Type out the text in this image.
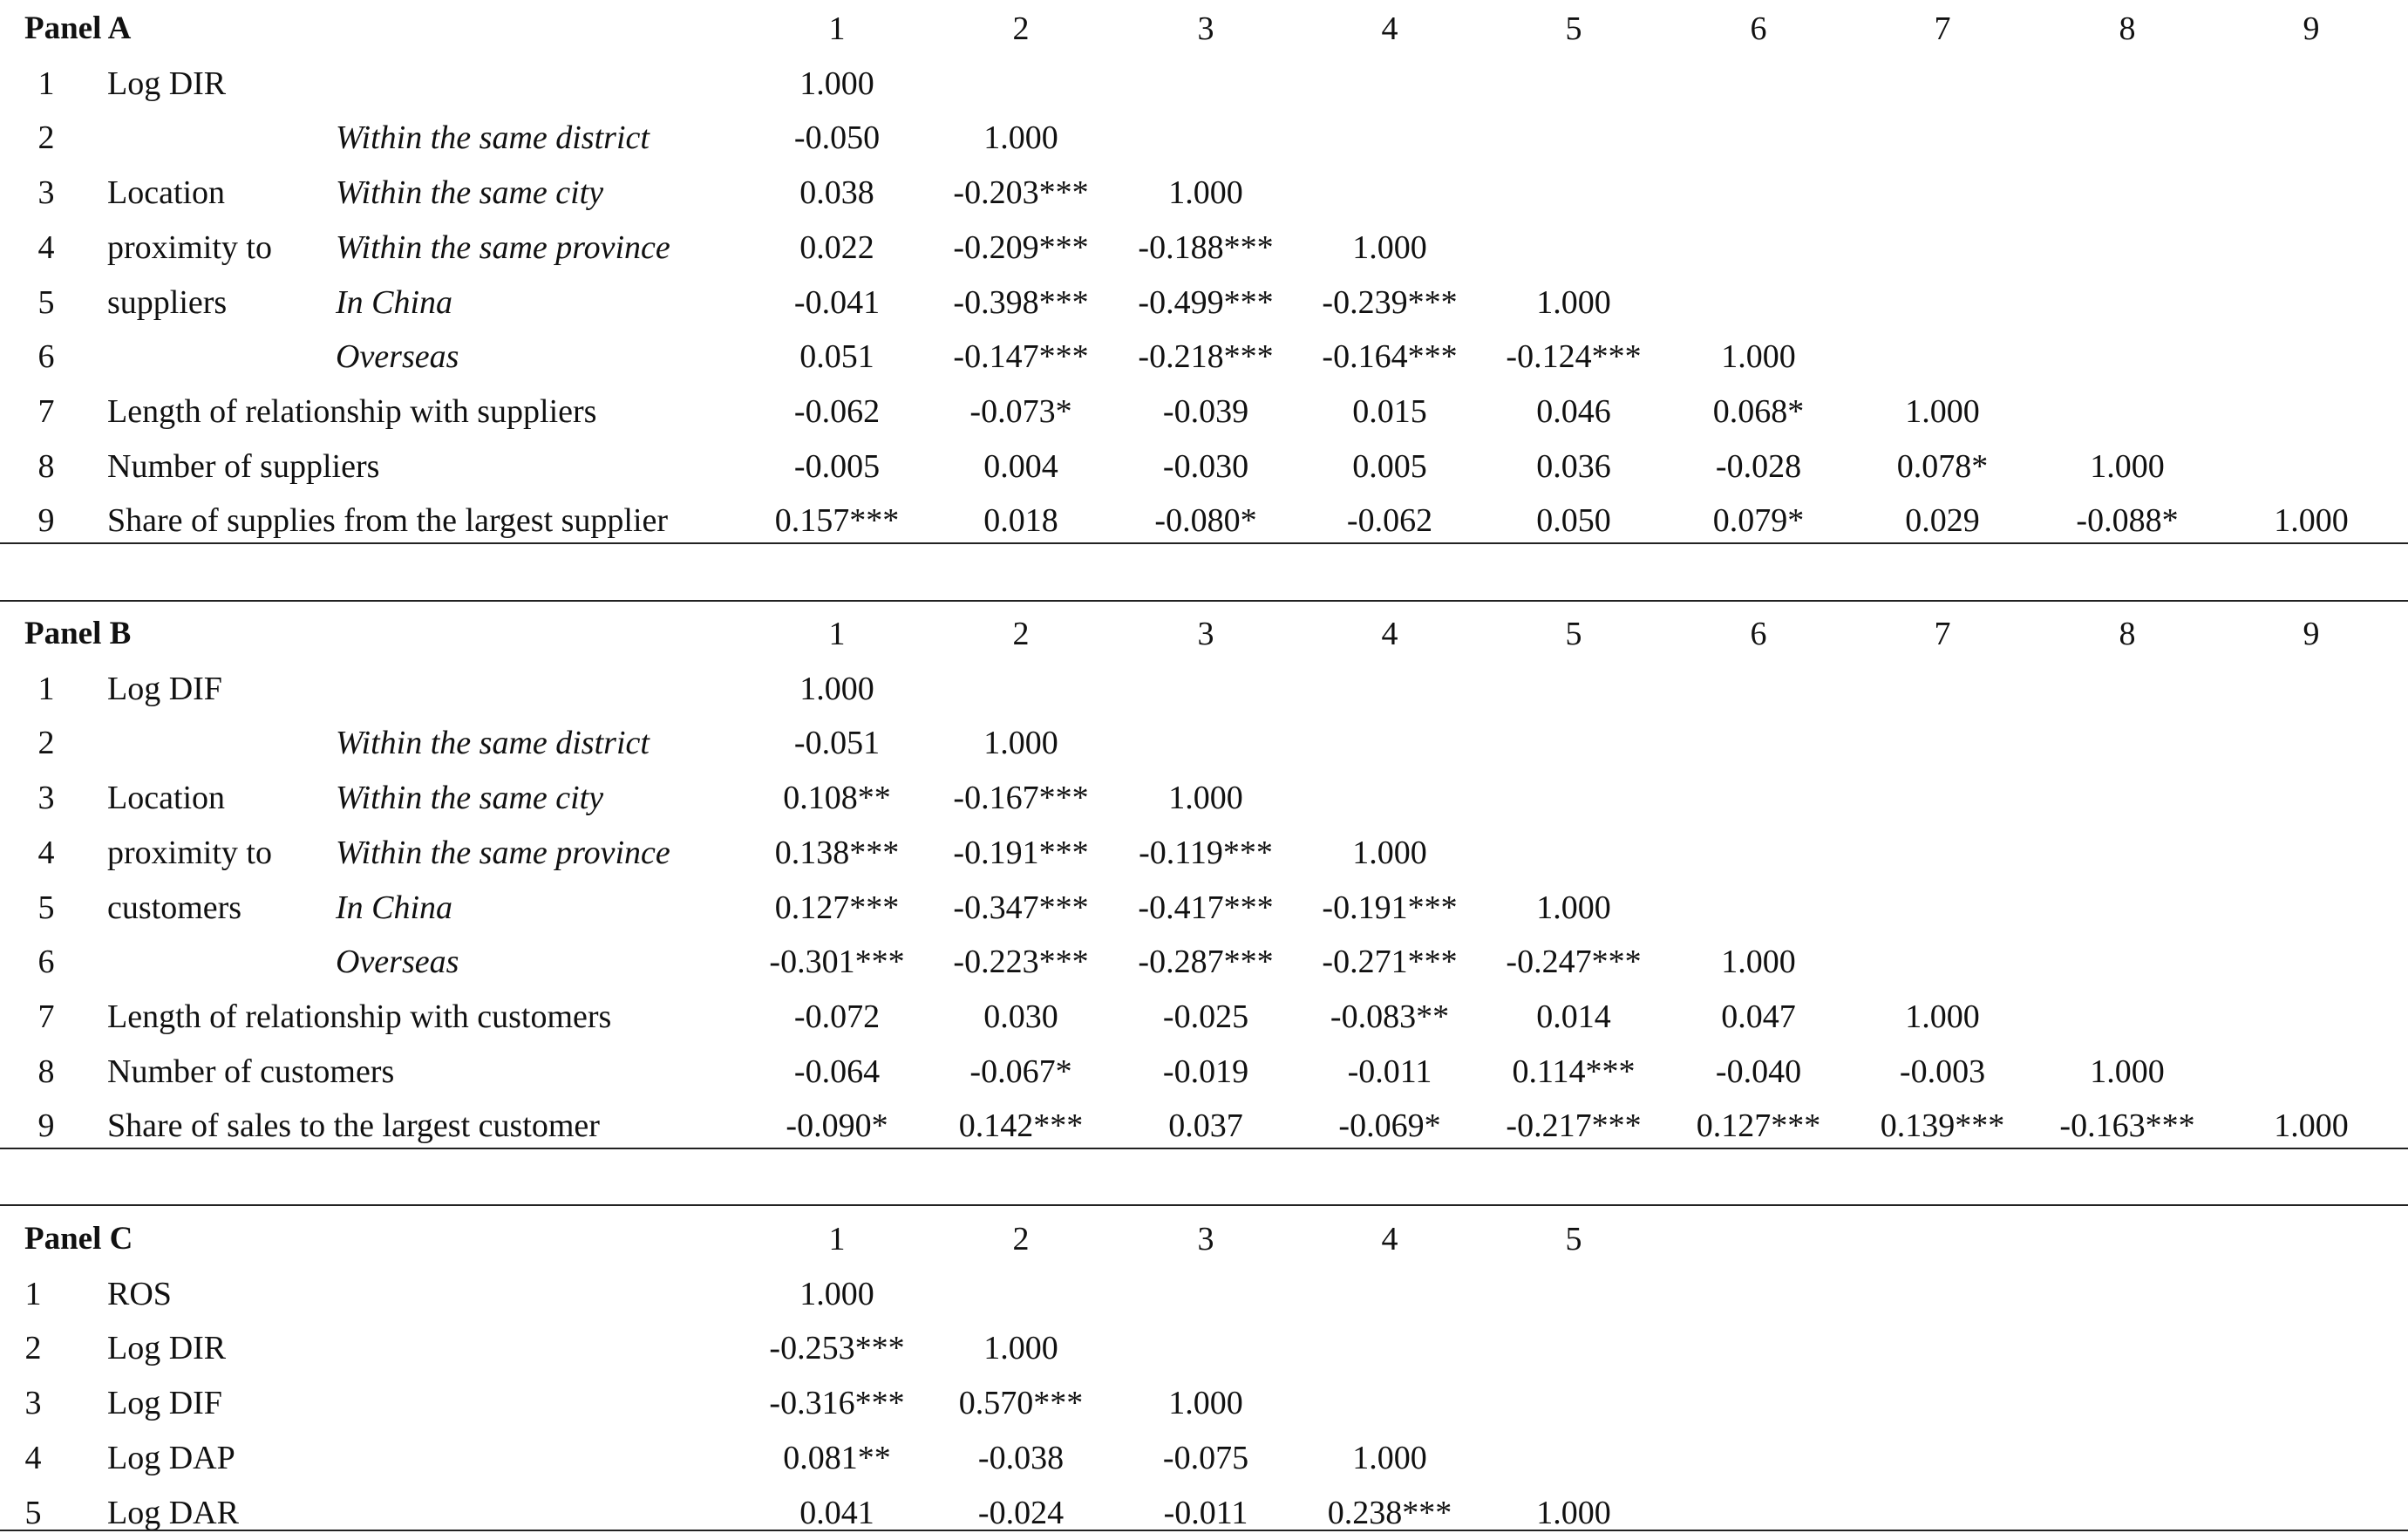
Panel A	1	2	3	4	5	6	7	8	9
1 Log DIR	1.000
2	Within the same district	-0.050	1.000
3 Location	Within the same city	0.038	-0.203***	1.000
4 proximity to Within the same province	0.022	-0.209***	-0.188***	1.000
5 suppliers	In China	-0.041	-0.398***	-0.499***	-0.239***	1.000
6	Overseas	0.051	-0.147***	-0.218***	-0.164***	-0.124***	1.000
7 Length of relationship with suppliers	-0.062	-0.073*	-0.039	0.015	0.046	0.068*	1.000
8 Number of suppliers	-0.005	0.004	-0.030	0.005	0.036	-0.028	0.078*	1.000
9 Share of supplies from the largest supplier	0.157***	0.018	-0.080*	-0.062	0.050	0.079*	0.029	-0.088*	1.000
Panel B	1	2	3	4	5	6	7	8	9
1 Log DIF	1.000
2	Within the same district	-0.051	1.000
3 Location	Within the same city	0.108**	-0.167***	1.000
4 proximity to Within the same province	0.138***	-0.191***	-0.119***	1.000
5 customers	In China	0.127***	-0.347***	-0.417***	-0.191***	1.000
6	Overseas	-0.301***	-0.223***	-0.287***	-0.271***	-0.247***	1.000
7 Length of relationship with customers	-0.072	0.030	-0.025	-0.083**	0.014	0.047	1.000
8 Number of customers	-0.064	-0.067*	-0.019	-0.011	0.114***	-0.040	-0.003	1.000
9 Share of sales to the largest customer	-0.090*	0.142***	0.037	-0.069*	-0.217***	0.127***	0.139***	-0.163***	1.000
Panel C	1	2	3	4	5
1 ROS	1.000
2 Log DIR	-0.253***	1.000
3 Log DIF	-0.316***	0.570***	1.000
4 Log DAP	0.081**	-0.038	-0.075	1.000
5 Log DAR	0.041	-0.024	-0.011	0.238***	1.000
